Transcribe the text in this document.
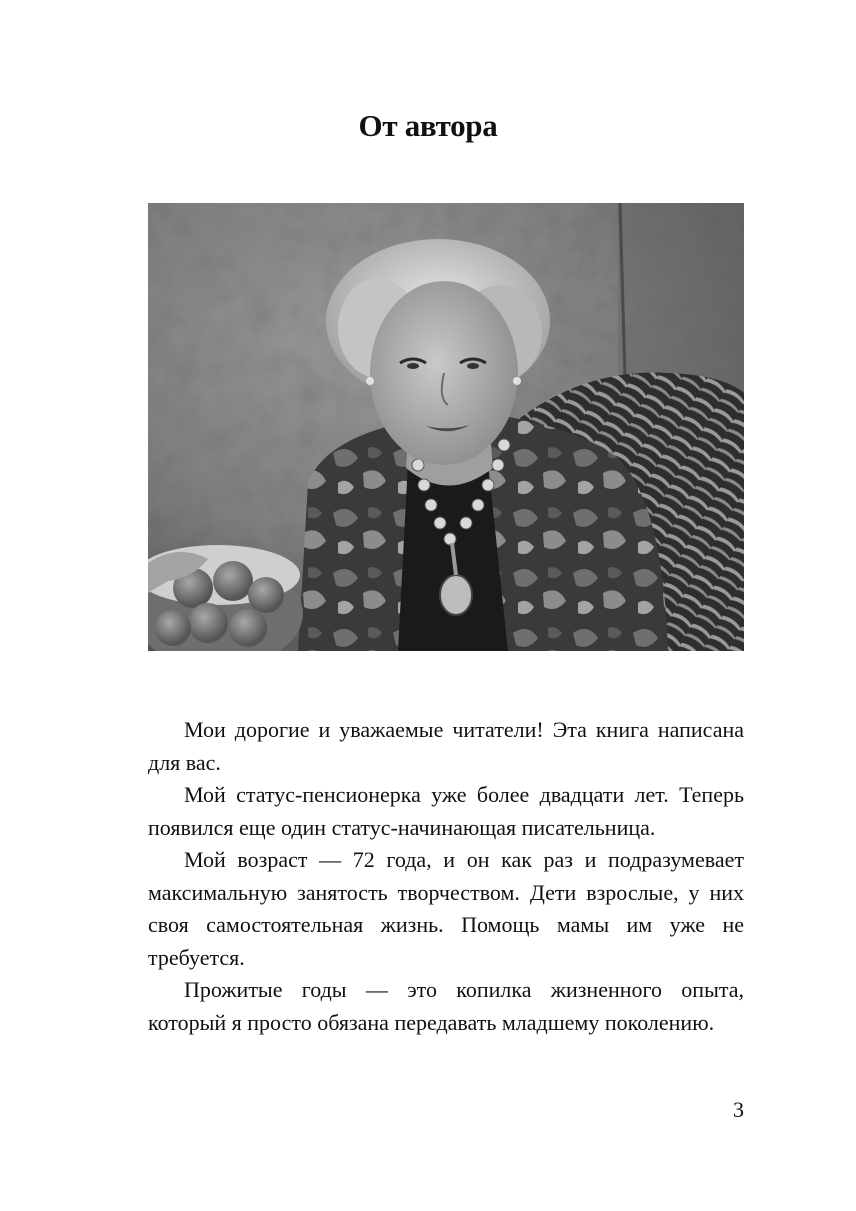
От автора

Мои дорогие и уважаемые читатели! Эта книга написана для вас.

Мой статус‑пенсионерка уже более двадцати лет. Теперь появился еще один статус‑начинающая писательница.

Мой возраст — 72 года, и он как раз и подразумевает максимальную занятость творчеством. Дети взрослые, у них своя самостоятельная жизнь. Помощь мамы им уже не требуется.

Прожитые годы — это копилка жизненного опыта, который я просто обязана передавать младшему поколению.

3
